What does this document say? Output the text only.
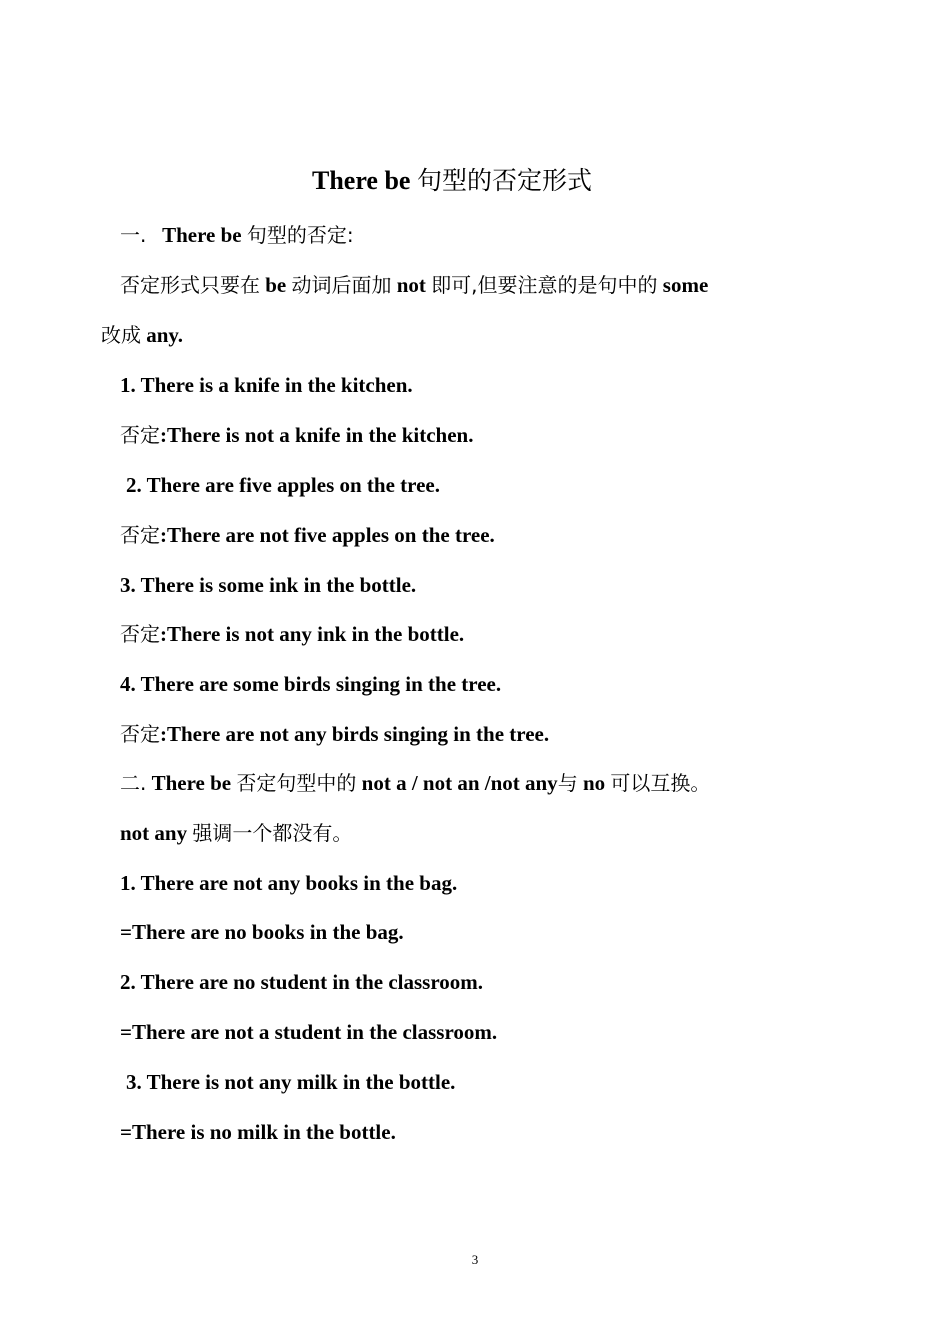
There be 句型的否定形式
一. There be 句型的否定:
否定形式只要在 be 动词后面加 not 即可,但要注意的是句中的 some
改成 any.
1. There is a knife in the kitchen.
否定:There is not a knife in the kitchen.
2. There are five apples on the tree.
否定:There are not five apples on the tree.
3. There is some ink in the bottle.
否定:There is not any ink in the bottle.
4. There are some birds singing in the tree.
否定:There are not any birds singing in the tree.
二. There be 否定句型中的 not a / not an /not any与 no 可以互换。
not any 强调一个都没有。
1. There are not any books in the bag.
=There are no books in the bag.
2. There are no student in the classroom.
=There are not a student in the classroom.
3. There is not any milk in the bottle.
=There is no milk in the bottle.
3
